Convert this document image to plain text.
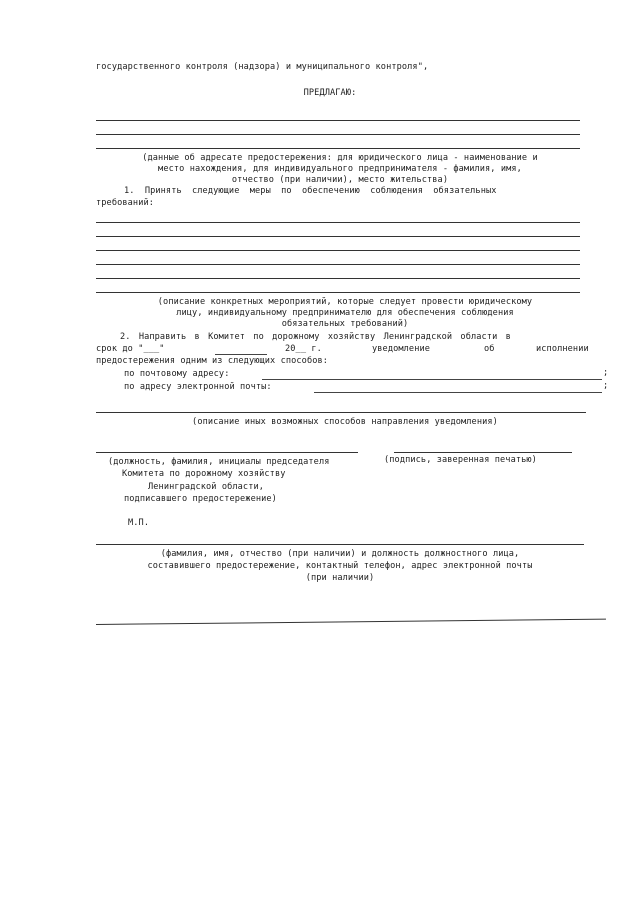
государственного контроля (надзора) и муниципального контроля",
ПРЕДЛАГАЮ:
(данные об адресате предостережения: для юридического лица - наименование и
место нахождения, для индивидуального предпринимателя - фамилия, имя,
отчество (при наличии), место жительства)
1. Принять следующие меры по обеспечению соблюдения обязательных
требований:
(описание конкретных мероприятий, которые следует провести юридическому
лицу, индивидуальному предпринимателю для обеспечения соблюдения
обязательных требований)
2. Направить в Комитет по дорожному хозяйству Ленинградской области в
срок до "___"	20__ г.	уведомление	об	исполнении
предостережения одним из следующих способов:
по почтовому адресу:	;
по адресу электронной почты:	;
(описание иных возможных способов направления уведомления)
(должность, фамилия, инициалы председателя	(подпись, заверенная печатью)
Комитета по дорожному хозяйству
Ленинградской области,
подписавшего предостережение)
М.П.
(фамилия, имя, отчество (при наличии) и должность должностного лица,
составившего предостережение, контактный телефон, адрес электронной почты
(при наличии)
